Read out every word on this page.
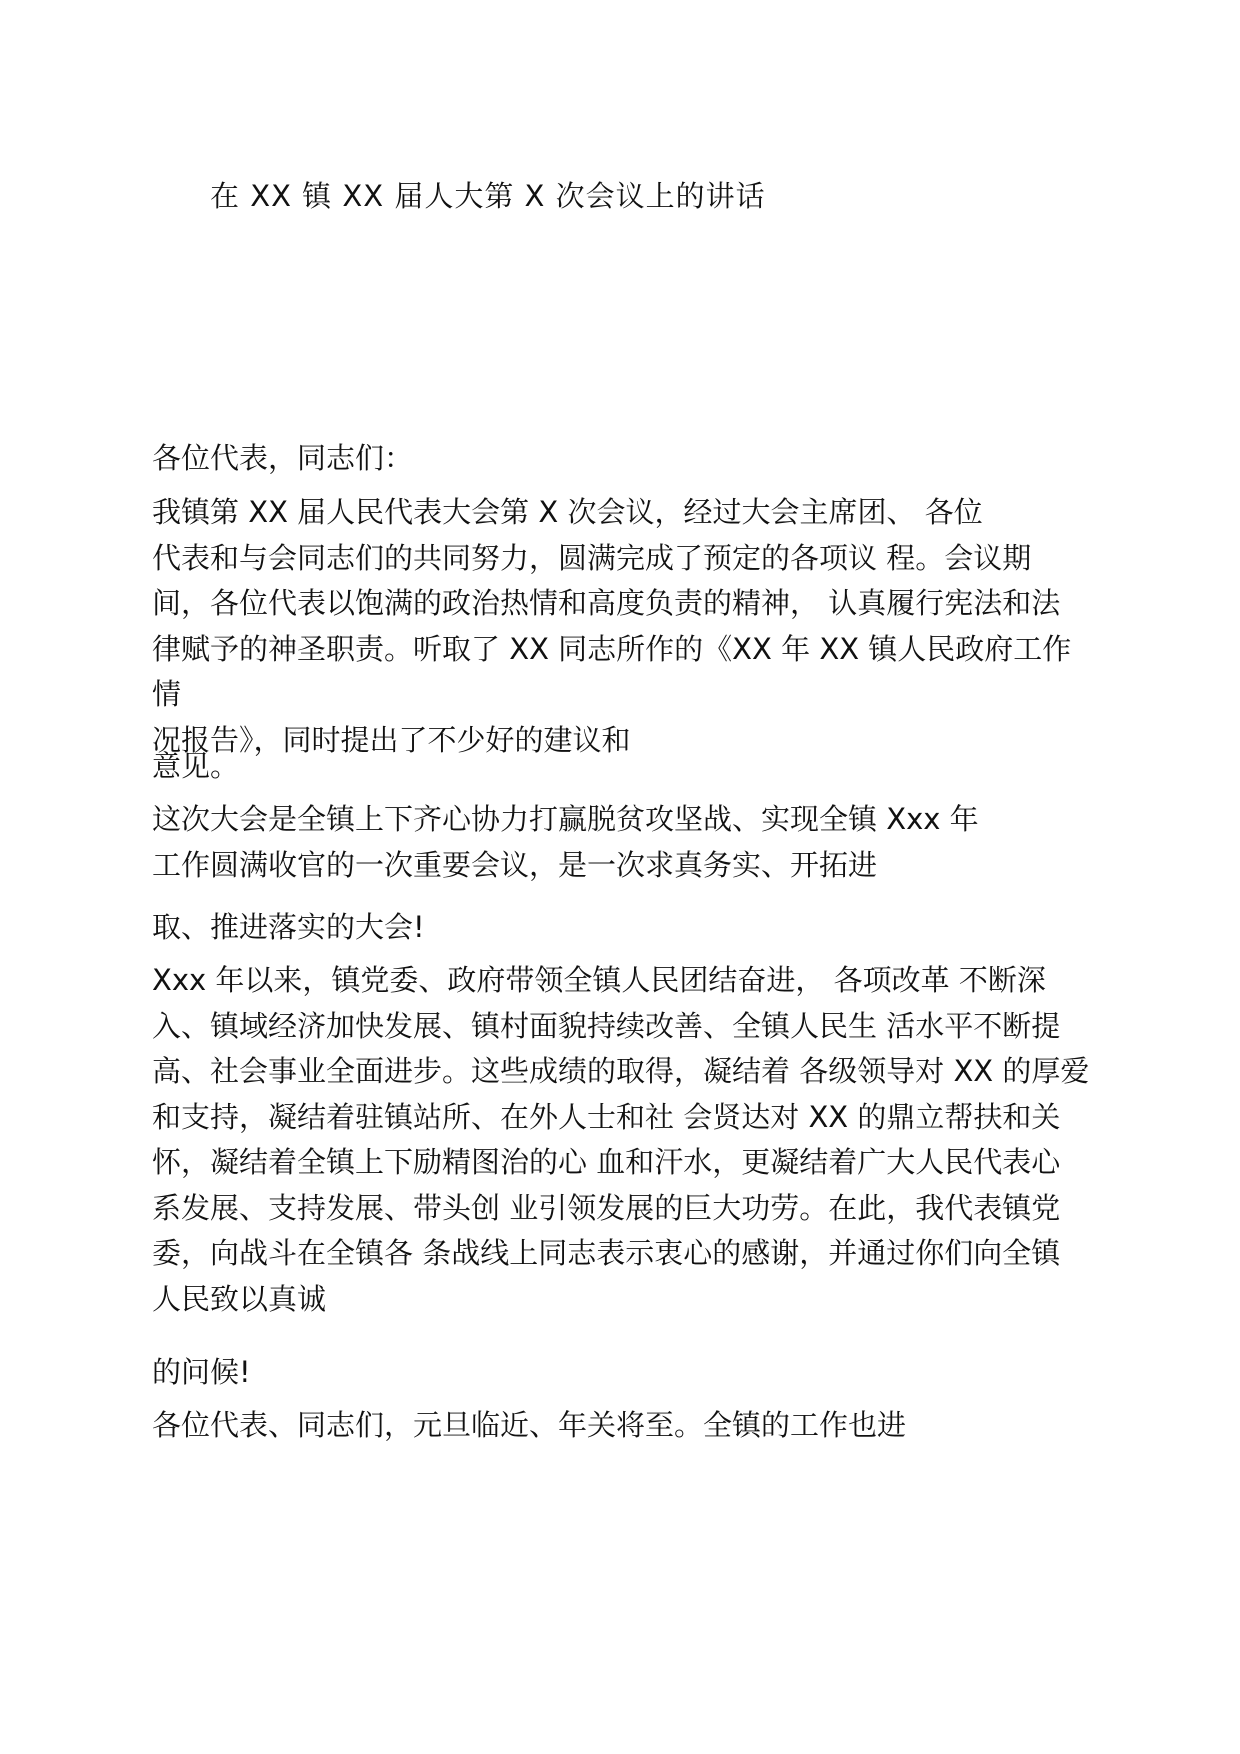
在 XX 镇 XX 届人大第 X 次会议上的讲话
各位代表，同志们：
我镇第 XX 届人民代表大会第 X 次会议，经过大会主席团、 各位
代表和与会同志们的共同努力，圆满完成了预定的各项议 程。会议期
间，各位代表以饱满的政治热情和高度负责的精神， 认真履行宪法和法
律赋予的神圣职责。听取了 XX 同志所作的《XX 年 XX 镇人民政府工作情
况报告》，同时提出了不少好的建议和
意见。
这次大会是全镇上下齐心协力打赢脱贫攻坚战、实现全镇 Xxx 年
工作圆满收官的一次重要会议，是一次求真务实、开拓进
取、推进落实的大会!
Xxx 年以来，镇党委、政府带领全镇人民团结奋进， 各项改革 不断深
入、镇域经济加快发展、镇村面貌持续改善、全镇人民生 活水平不断提
高、社会事业全面进步。这些成绩的取得，凝结着 各级领导对 XX 的厚爱
和支持，凝结着驻镇站所、在外人士和社 会贤达对 XX 的鼎立帮扶和关
怀，凝结着全镇上下励精图治的心 血和汗水，更凝结着广大人民代表心
系发展、支持发展、带头创 业引领发展的巨大功劳。在此，我代表镇党
委，向战斗在全镇各 条战线上同志表示衷心的感谢，并通过你们向全镇
人民致以真诚
的问候!
各位代表、同志们，元旦临近、年关将至。全镇的工作也进
